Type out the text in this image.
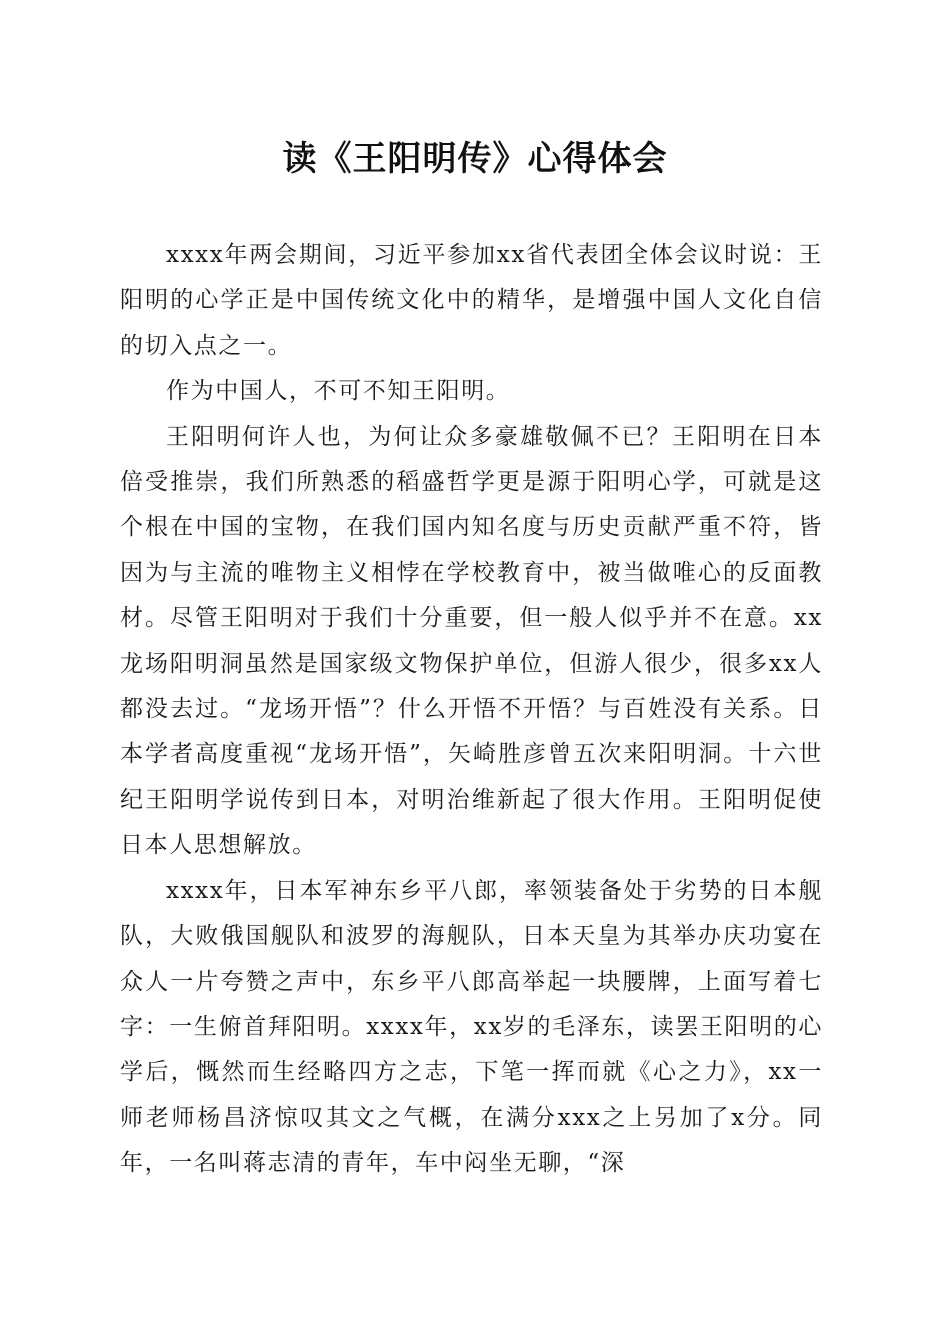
读《王阳明传》心得体会

xxxx年两会期间，习近平参加xx省代表团全体会议时说：王阳明的心学正是中国传统文化中的精华，是增强中国人文化自信的切入点之一。

作为中国人，不可不知王阳明。

王阳明何许人也，为何让众多豪雄敬佩不已？王阳明在日本倍受推崇，我们所熟悉的稻盛哲学更是源于阳明心学，可就是这个根在中国的宝物，在我们国内知名度与历史贡献严重不符，皆因为与主流的唯物主义相悖在学校教育中，被当做唯心的反面教材。尽管王阳明对于我们十分重要，但一般人似乎并不在意。xx龙场阳明洞虽然是国家级文物保护单位，但游人很少，很多xx人都没去过。“龙场开悟”？什么开悟不开悟？与百姓没有关系。日本学者高度重视“龙场开悟”，矢崎胜彦曾五次来阳明洞。十六世纪王阳明学说传到日本，对明治维新起了很大作用。王阳明促使日本人思想解放。

xxxx年，日本军神东乡平八郎，率领装备处于劣势的日本舰队，大败俄国舰队和波罗的海舰队，日本天皇为其举办庆功宴在众人一片夸赞之声中，东乡平八郎高举起一块腰牌，上面写着七字：一生俯首拜阳明。xxxx年，xx岁的毛泽东，读罢王阳明的心学后，慨然而生经略四方之志，下笔一挥而就《心之力》，xx一师老师杨昌济惊叹其文之气概，在满分xxx之上另加了x分。同年，一名叫蒋志清的青年，车中闷坐无聊，“深
